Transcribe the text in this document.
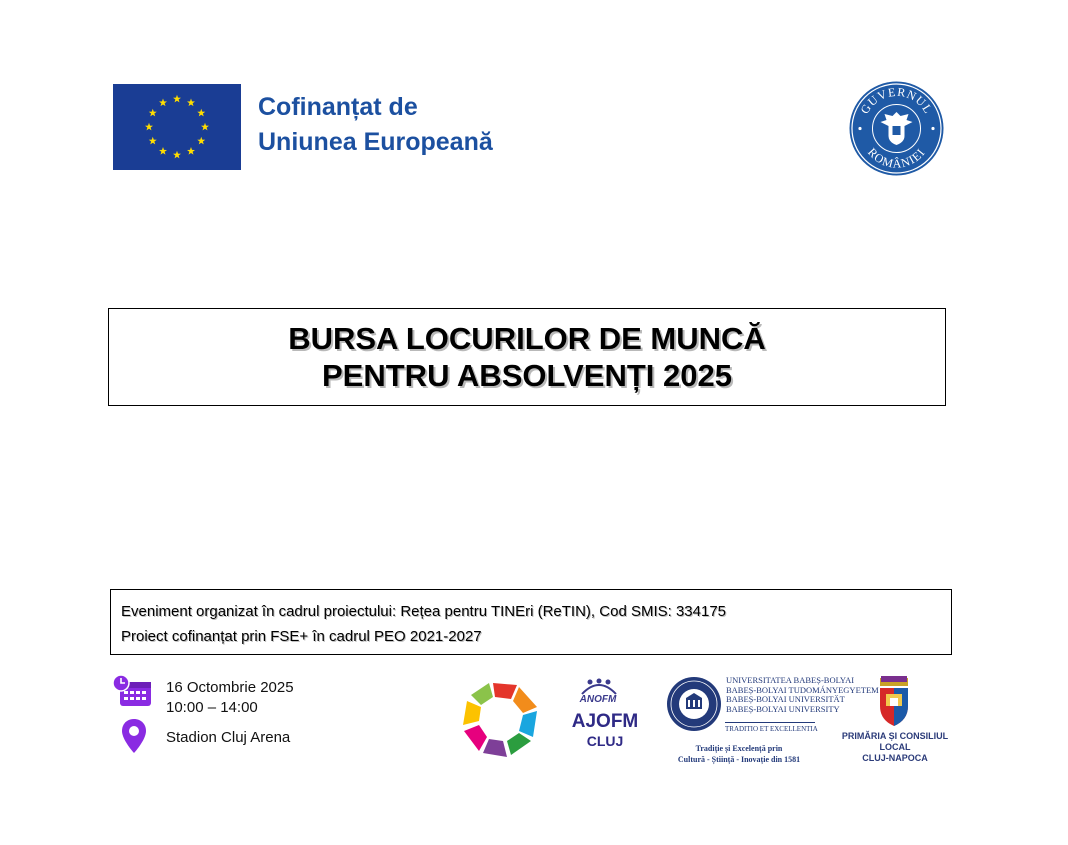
Cofinanțat de
Uniunea Europeană
GUVERNUL
ROMÂNIEI
BURSA LOCURILOR DE MUNCĂ
PENTRU ABSOLVENȚI 2025
Eveniment organizat în cadrul proiectului: Rețea pentru TINEri (ReTIN), Cod SMIS: 334175
Proiect cofinanțat prin FSE+ în cadrul PEO 2021-2027
16 Octombrie 2025
10:00 – 14:00
Stadion Cluj Arena
ANOFM
AJOFM
CLUJ
UNIVERSITATEA BABEȘ-BOLYAI
BABEȘ-BOLYAI TUDOMÁNYEGYETEM
BABEȘ-BOLYAI UNIVERSITÄT
BABEȘ-BOLYAI UNIVERSITY
TRADITIO ET EXCELLENTIA
Tradiție și Excelență prin
Cultură - Știință - Inovație din 1581
PRIMĂRIA ȘI CONSILIUL LOCAL
CLUJ-NAPOCA
